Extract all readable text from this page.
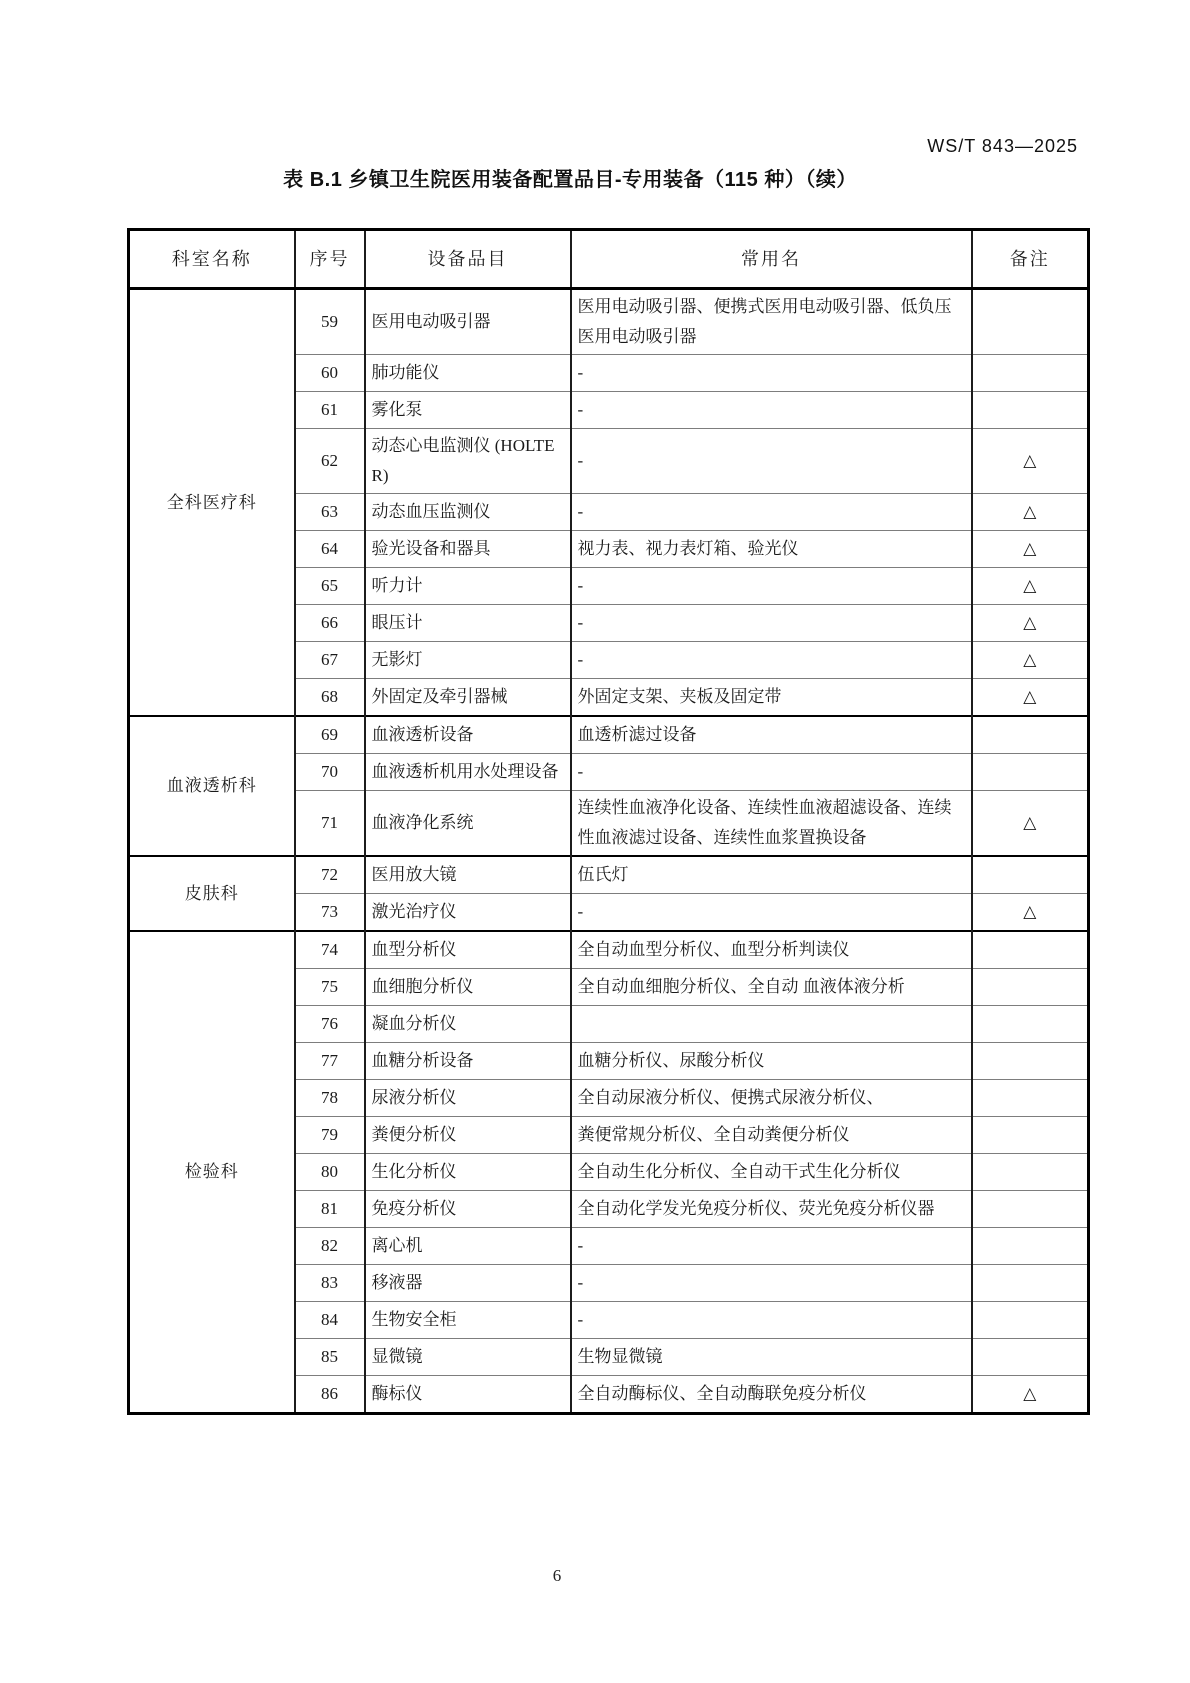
WS/T 843—2025
表 B.1 乡镇卫生院医用装备配置品目-专用装备（115 种）（续）
科室名称	序号	设备品目	常用名	备注
全科医疗科	59	医用电动吸引器	医用电动吸引器、便携式医用电动吸引器、低负压医用电动吸引器	
	60	肺功能仪	-	
	61	雾化泵	-	
	62	动态心电监测仪 (HOLTER)	-	△
	63	动态血压监测仪	-	△
	64	验光设备和器具	视力表、视力表灯箱、验光仪	△
	65	听力计	-	△
	66	眼压计	-	△
	67	无影灯	-	△
	68	外固定及牵引器械	外固定支架、夹板及固定带	△
血液透析科	69	血液透析设备	血透析滤过设备	
	70	血液透析机用水处理设备	-	
	71	血液净化系统	连续性血液净化设备、连续性血液超滤设备、连续性血液滤过设备、连续性血浆置换设备	△
皮肤科	72	医用放大镜	伍氏灯	
	73	激光治疗仪	-	△
检验科	74	血型分析仪	全自动血型分析仪、血型分析判读仪	
	75	血细胞分析仪	全自动血细胞分析仪、全自动 血液体液分析	
	76	凝血分析仪		
	77	血糖分析设备	血糖分析仪、尿酸分析仪	
	78	尿液分析仪	全自动尿液分析仪、便携式尿液分析仪、	
	79	粪便分析仪	粪便常规分析仪、全自动粪便分析仪	
	80	生化分析仪	全自动生化分析仪、全自动干式生化分析仪	
	81	免疫分析仪	全自动化学发光免疫分析仪、荧光免疫分析仪器	
	82	离心机	-	
	83	移液器	-	
	84	生物安全柜	-	
	85	显微镜	生物显微镜	
	86	酶标仪	全自动酶标仪、全自动酶联免疫分析仪	△
6
